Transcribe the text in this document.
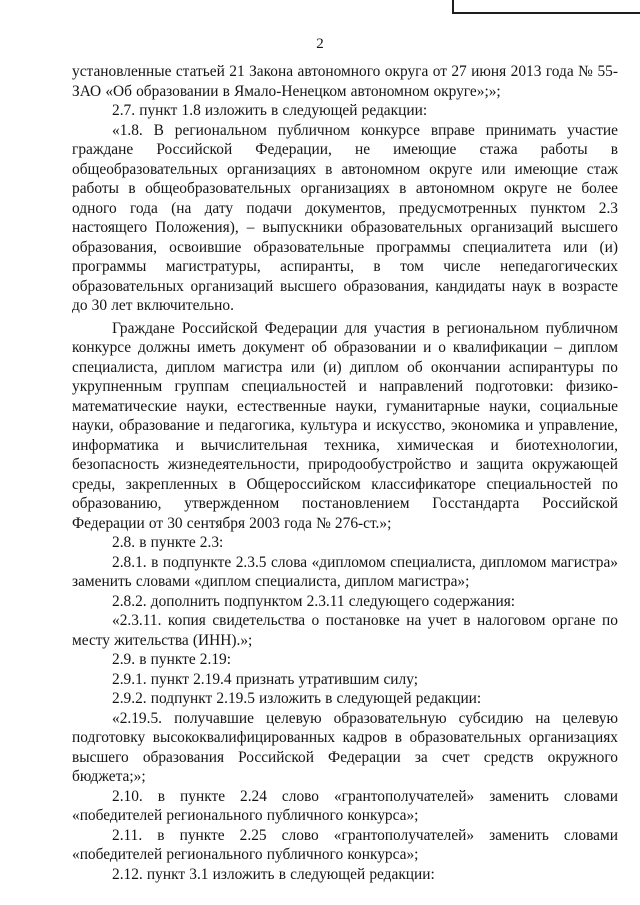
2

установленные статьей 21 Закона автономного округа от 27 июня 2013 года № 55-ЗАО «Об образовании в Ямало-Ненецком автономном округе»;»;

2.7. пункт 1.8 изложить в следующей редакции:

«1.8. В региональном публичном конкурсе вправе принимать участие граждане Российской Федерации, не имеющие стажа работы в общеобразовательных организациях в автономном округе или имеющие стаж работы в общеобразовательных организациях в автономном округе не более одного года (на дату подачи документов, предусмотренных пунктом 2.3 настоящего Положения), – выпускники образовательных организаций высшего образования, освоившие образовательные программы специалитета или (и) программы магистратуры, аспиранты, в том числе непедагогических образовательных организаций высшего образования, кандидаты наук в возрасте до 30 лет включительно.

Граждане Российской Федерации для участия в региональном публичном конкурсе должны иметь документ об образовании и о квалификации – диплом специалиста, диплом магистра или (и) диплом об окончании аспирантуры по укрупненным группам специальностей и направлений подготовки: физико-математические науки, естественные науки, гуманитарные науки, социальные науки, образование и педагогика, культура и искусство, экономика и управление, информатика и вычислительная техника, химическая и биотехнологии, безопасность жизнедеятельности, природообустройство и защита окружающей среды, закрепленных в Общероссийском классификаторе специальностей по образованию, утвержденном постановлением Госстандарта Российской Федерации от 30 сентября 2003 года № 276-ст.»;

2.8. в пункте 2.3:

2.8.1. в подпункте 2.3.5 слова «дипломом специалиста, дипломом магистра» заменить словами «диплом специалиста, диплом магистра»;

2.8.2. дополнить подпунктом 2.3.11 следующего содержания:

«2.3.11. копия свидетельства о постановке на учет в налоговом органе по месту жительства (ИНН).»;

2.9. в пункте 2.19:

2.9.1. пункт 2.19.4 признать утратившим силу;

2.9.2. подпункт 2.19.5 изложить в следующей редакции:

«2.19.5. получавшие целевую образовательную субсидию на целевую подготовку высококвалифицированных кадров в образовательных организациях высшего образования Российской Федерации за счет средств окружного бюджета;»;

2.10. в пункте 2.24 слово «грантополучателей» заменить словами «победителей регионального публичного конкурса»;

2.11. в пункте 2.25 слово «грантополучателей» заменить словами «победителей регионального публичного конкурса»;

2.12. пункт 3.1 изложить в следующей редакции:
